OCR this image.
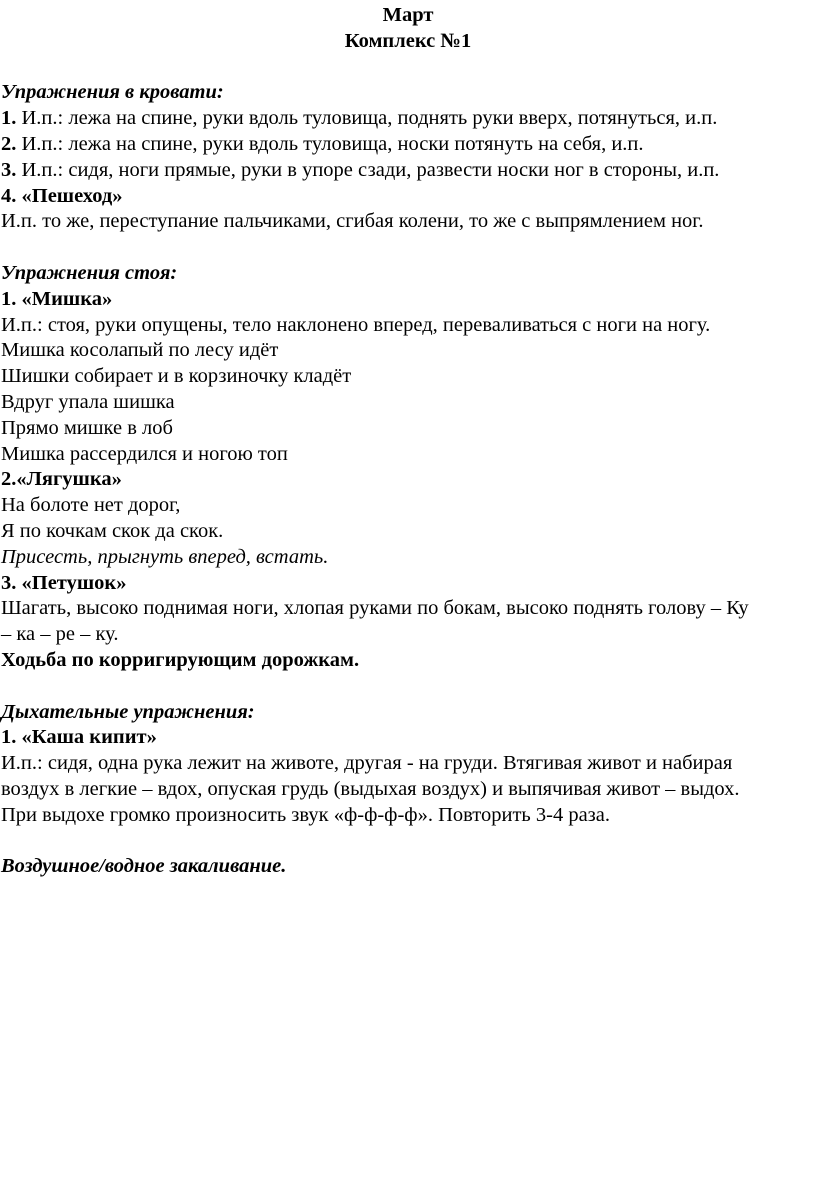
Март
Комплекс №1
Упражнения в кровати:
1. И.п.: лежа на спине, руки вдоль туловища, поднять руки вверх, потянуться, и.п.
2. И.п.: лежа на спине, руки вдоль туловища, носки потянуть на себя, и.п.
3. И.п.: сидя, ноги прямые, руки в упоре сзади, развести носки ног в стороны, и.п.
4. «Пешеход»
И.п. то же, переступание пальчиками, сгибая колени, то же с выпрямлением ног.
Упражнения стоя:
1. «Мишка»
И.п.: стоя, руки опущены, тело наклонено вперед, переваливаться с ноги на ногу.
Мишка косолапый по лесу идёт
Шишки собирает и в корзиночку кладёт
Вдруг упала шишка
Прямо мишке в лоб
Мишка рассердился и ногою топ
2.«Лягушка»
На болоте нет дорог,
Я по кочкам скок да скок.
Присесть, прыгнуть вперед, встать.
3. «Петушок»
Шагать, высоко поднимая ноги, хлопая руками по бокам, высоко поднять голову – Ку
– ка – ре – ку.
Ходьба по корригирующим дорожкам.
Дыхательные упражнения:
1. «Каша кипит»
И.п.: сидя, одна рука лежит на животе, другая - на груди. Втягивая живот и набирая
воздух в легкие – вдох, опуская грудь (выдыхая воздух) и выпячивая живот – выдох.
При выдохе громко произносить звук «ф-ф-ф-ф». Повторить 3-4 раза.
Воздушное/водное закаливание.
